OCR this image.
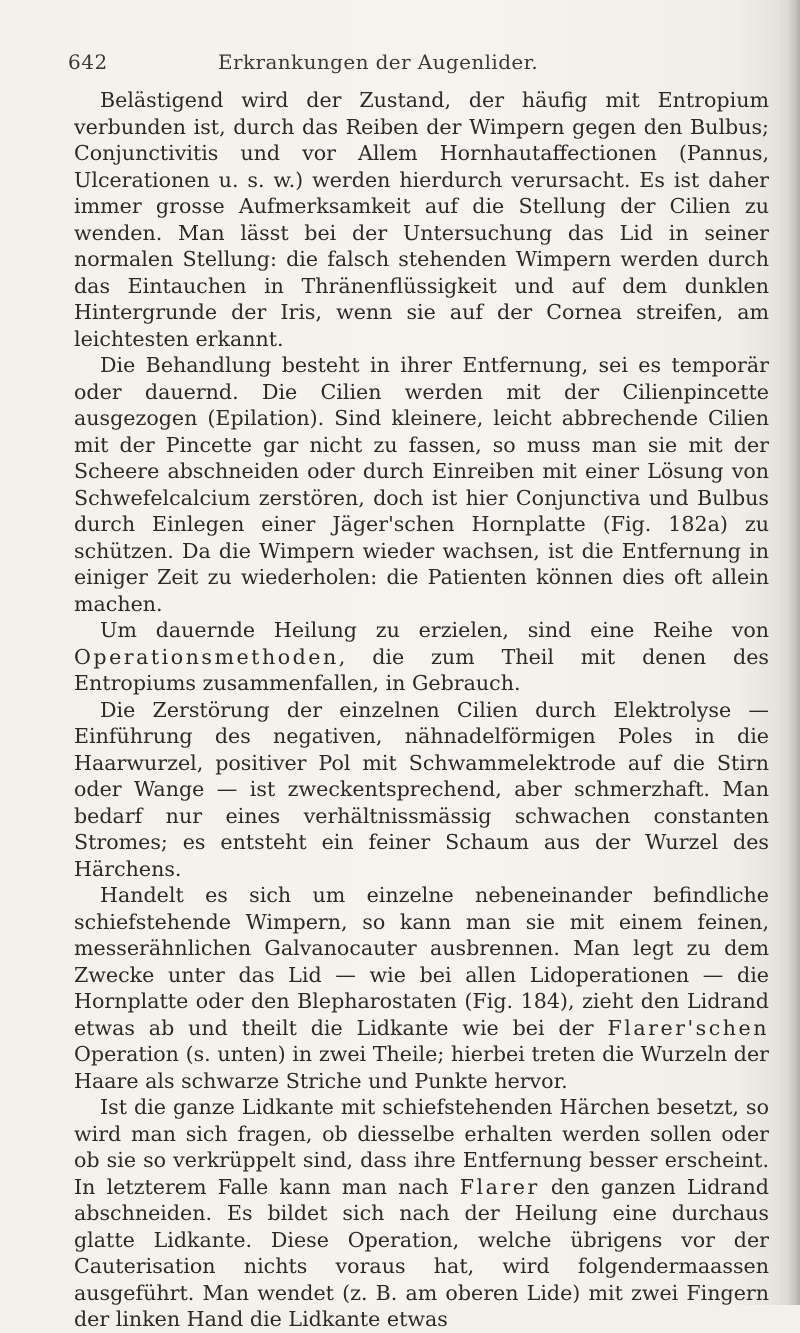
642	Erkrankungen der Augenlider.

Belästigend wird der Zustand, der häufig mit Entropium verbunden ist, durch das Reiben der Wimpern gegen den Bulbus; Conjunctivitis und vor Allem Hornhautaffectionen (Pannus, Ulcerationen u. s. w.) werden hierdurch verursacht. Es ist daher immer grosse Aufmerksamkeit auf die Stellung der Cilien zu wenden. Man lässt bei der Untersuchung das Lid in seiner normalen Stellung: die falsch stehenden Wimpern werden durch das Eintauchen in Thränenflüssigkeit und auf dem dunklen Hintergrunde der Iris, wenn sie auf der Cornea streifen, am leichtesten erkannt.

Die Behandlung besteht in ihrer Entfernung, sei es temporär oder dauernd. Die Cilien werden mit der Cilienpincette ausgezogen (Epilation). Sind kleinere, leicht abbrechende Cilien mit der Pincette gar nicht zu fassen, so muss man sie mit der Scheere abschneiden oder durch Einreiben mit einer Lösung von Schwefelcalcium zerstören, doch ist hier Conjunctiva und Bulbus durch Einlegen einer Jäger'schen Hornplatte (Fig. 182a) zu schützen. Da die Wimpern wieder wachsen, ist die Entfernung in einiger Zeit zu wiederholen: die Patienten können dies oft allein machen.

Um dauernde Heilung zu erzielen, sind eine Reihe von Operationsmethoden, die zum Theil mit denen des Entropiums zusammenfallen, in Gebrauch.

Die Zerstörung der einzelnen Cilien durch Elektrolyse — Einführung des negativen, nähnadelförmigen Poles in die Haarwurzel, positiver Pol mit Schwammelektrode auf die Stirn oder Wange — ist zweckentsprechend, aber schmerzhaft. Man bedarf nur eines verhältnissmässig schwachen constanten Stromes; es entsteht ein feiner Schaum aus der Wurzel des Härchens.

Handelt es sich um einzelne nebeneinander befindliche schiefstehende Wimpern, so kann man sie mit einem feinen, messerähnlichen Galvanocauter ausbrennen. Man legt zu dem Zwecke unter das Lid — wie bei allen Lidoperationen — die Hornplatte oder den Blepharostaten (Fig. 184), zieht den Lidrand etwas ab und theilt die Lidkante wie bei der Flarer'schen Operation (s. unten) in zwei Theile; hierbei treten die Wurzeln der Haare als schwarze Striche und Punkte hervor.

Ist die ganze Lidkante mit schiefstehenden Härchen besetzt, so wird man sich fragen, ob diesselbe erhalten werden sollen oder ob sie so verkrüppelt sind, dass ihre Entfernung besser erscheint. In letzterem Falle kann man nach Flarer den ganzen Lidrand abschneiden. Es bildet sich nach der Heilung eine durchaus glatte Lidkante. Diese Operation, welche übrigens vor der Cauterisation nichts voraus hat, wird folgendermaassen ausgeführt. Man wendet (z. B. am oberen Lide) mit zwei Fingern der linken Hand die Lidkante etwas
